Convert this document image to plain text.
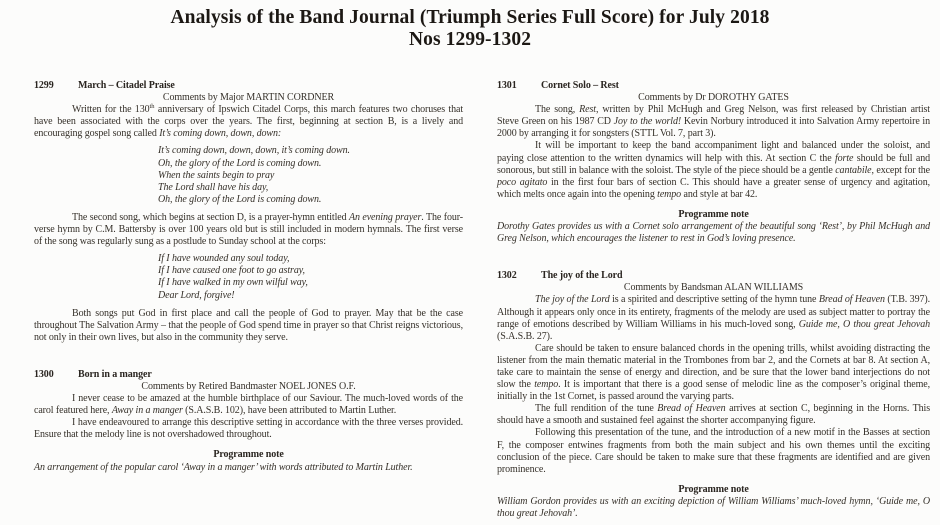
Analysis of the Band Journal (Triumph Series Full Score) for July 2018
Nos 1299-1302
1299 March – Citadel Praise
Comments by Major MARTIN CORDNER

Written for the 130th anniversary of Ipswich Citadel Corps, this march features two choruses that have been associated with the corps over the years. The first, beginning at section B, is a lively and encouraging gospel song called It’s coming down, down, down:

It’s coming down, down, down, it’s coming down.
Oh, the glory of the Lord is coming down.
When the saints begin to pray
The Lord shall have his day,
Oh, the glory of the Lord is coming down.

The second song, which begins at section D, is a prayer-hymn entitled An evening prayer. The four-verse hymn by C.M. Battersby is over 100 years old but is still included in modern hymnals. The first verse of the song was regularly sung as a postlude to Sunday school at the corps:

If I have wounded any soul today,
If I have caused one foot to go astray,
If I have walked in my own wilful way,
Dear Lord, forgive!

Both songs put God in first place and call the people of God to prayer. May that be the case throughout The Salvation Army – that the people of God spend time in prayer so that Christ reigns victorious, not only in their own lives, but also in the community they serve.

1300 Born in a manger
Comments by Retired Bandmaster NOEL JONES O.F.

I never cease to be amazed at the humble birthplace of our Saviour. The much-loved words of the carol featured here, Away in a manger (S.A.S.B. 102), have been attributed to Martin Luther.

I have endeavoured to arrange this descriptive setting in accordance with the three verses provided. Ensure that the melody line is not overshadowed throughout.

Programme note

An arrangement of the popular carol ‘Away in a manger’ with words attributed to Martin Luther.

1301 Cornet Solo – Rest
Comments by Dr DOROTHY GATES

The song, Rest, written by Phil McHugh and Greg Nelson, was first released by Christian artist Steve Green on his 1987 CD Joy to the world! Kevin Norbury introduced it into Salvation Army repertoire in 2000 by arranging it for songsters (STTL Vol. 7, part 3).

It will be important to keep the band accompaniment light and balanced under the soloist, and paying close attention to the written dynamics will help with this. At section C the forte should be full and sonorous, but still in balance with the soloist. The style of the piece should be a gentle cantabile, except for the poco agitato in the first four bars of section C. This should have a greater sense of urgency and agitation, which melts once again into the opening tempo and style at bar 42.

Programme note

Dorothy Gates provides us with a Cornet solo arrangement of the beautiful song ‘Rest’, by Phil McHugh and Greg Nelson, which encourages the listener to rest in God’s loving presence.

1302 The joy of the Lord
Comments by Bandsman ALAN WILLIAMS

The joy of the Lord is a spirited and descriptive setting of the hymn tune Bread of Heaven (T.B. 397). Although it appears only once in its entirety, fragments of the melody are used as subject matter to portray the range of emotions described by William Williams in his much-loved song, Guide me, O thou great Jehovah (S.A.S.B. 27).

Care should be taken to ensure balanced chords in the opening trills, whilst avoiding distracting the listener from the main thematic material in the Trombones from bar 2, and the Cornets at bar 8. At section A, take care to maintain the sense of energy and direction, and be sure that the lower band interjections do not slow the tempo. It is important that there is a good sense of melodic line as the composer’s original theme, initially in the 1st Cornet, is passed around the varying parts.

The full rendition of the tune Bread of Heaven arrives at section C, beginning in the Horns. This should have a smooth and sustained feel against the shorter accompanying figure.

Following this presentation of the tune, and the introduction of a new motif in the Basses at section F, the composer entwines fragments from both the main subject and his own themes until the exciting conclusion of the piece. Care should be taken to make sure that these fragments are identified and are given prominence.

Programme note

William Gordon provides us with an exciting depiction of William Williams’ much-loved hymn, ‘Guide me, O thou great Jehovah’.
